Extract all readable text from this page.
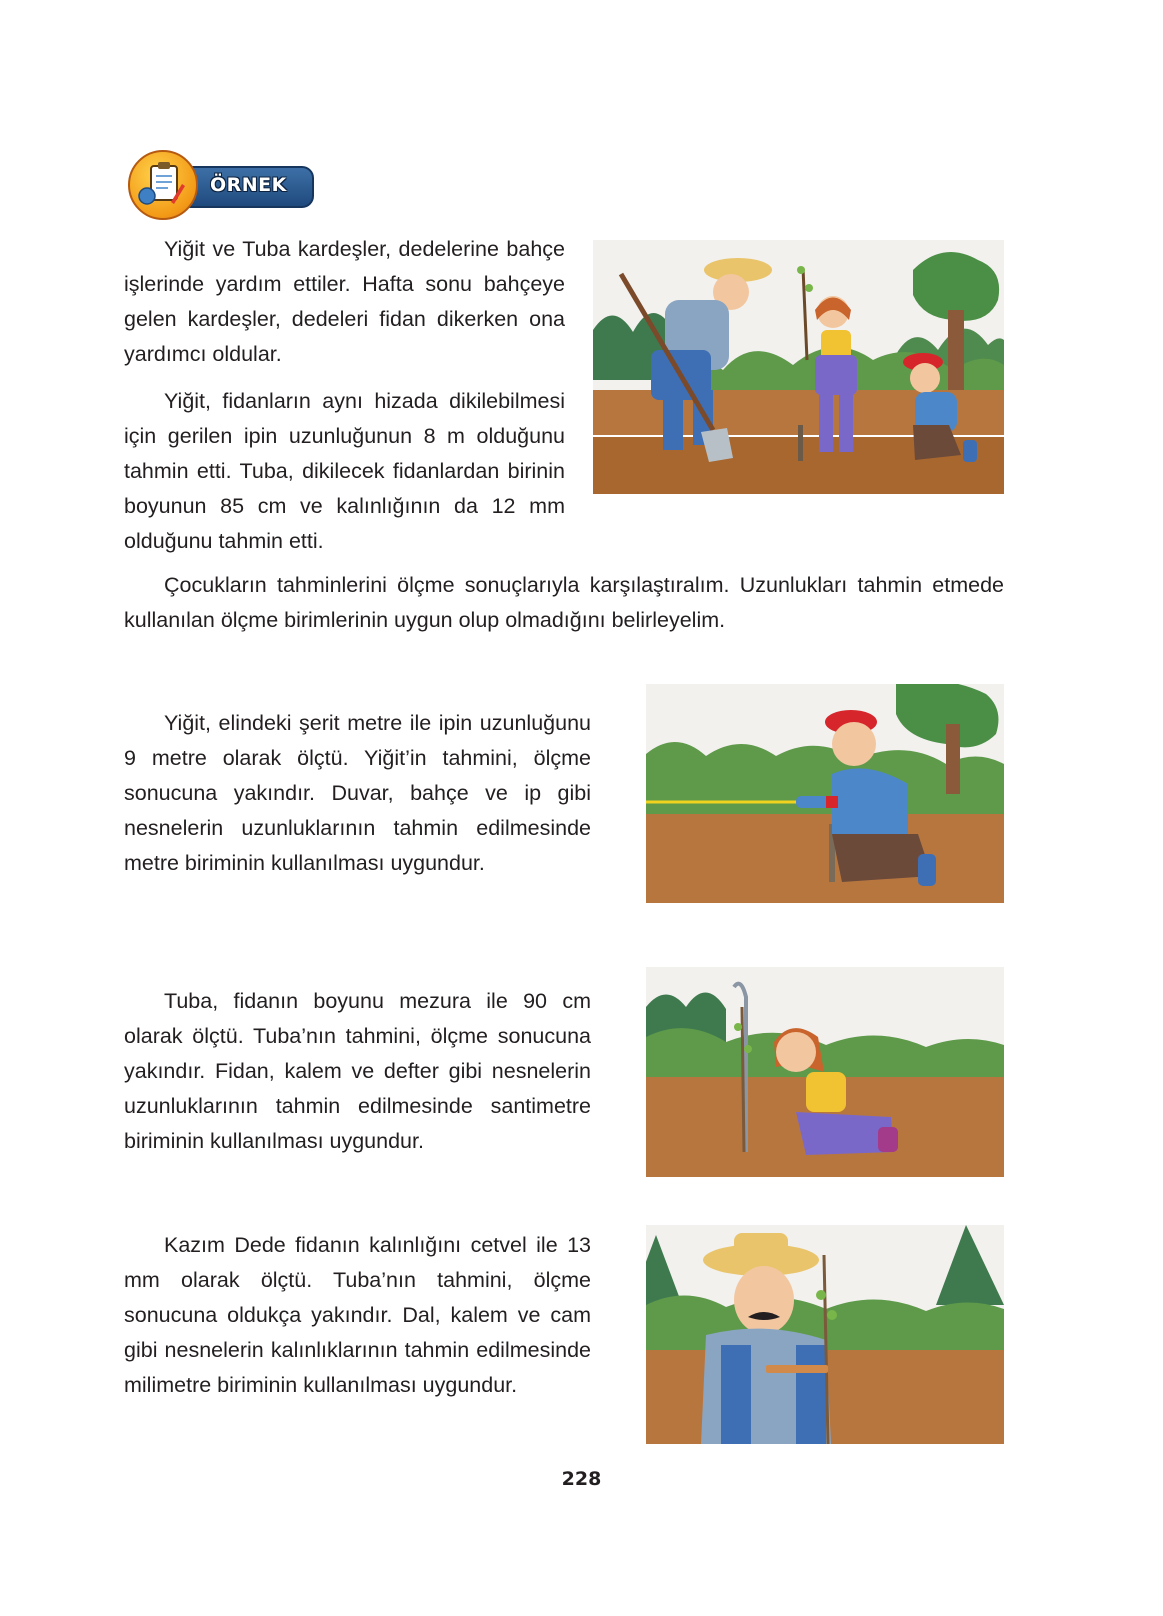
ÖRNEK

Yiğit ve Tuba kardeşler, dedelerine bahçe işlerinde yardım ettiler. Hafta sonu bahçeye gelen kardeşler, dedeleri fidan dikerken ona yardımcı oldular.

Yiğit, fidanların aynı hizada dikilebilmesi için gerilen ipin uzunluğunun 8 m olduğunu tahmin etti. Tuba, dikilecek fidanlardan birinin boyunun 85 cm ve kalınlığının da 12 mm olduğunu tahmin etti.

Çocukların tahminlerini ölçme sonuçlarıyla karşılaştıralım. Uzunlukları tahmin etmede kullanılan ölçme birimlerinin uygun olup olmadığını belirleyelim.

Yiğit, elindeki şerit metre ile ipin uzunluğunu 9 metre olarak ölçtü. Yiğit’in tahmini, ölçme sonucuna yakındır. Duvar, bahçe ve ip gibi nesnelerin uzunluklarının tahmin edilmesinde metre biriminin kullanılması uygundur.

Tuba, fidanın boyunu mezura ile 90 cm olarak ölçtü. Tuba’nın tahmini, ölçme sonucuna yakındır. Fidan, kalem ve defter gibi nesnelerin uzunluklarının tahmin edilmesinde santimetre biriminin kullanılması uygundur.

Kazım Dede fidanın kalınlığını cetvel ile 13 mm olarak ölçtü. Tuba’nın tahmini, ölçme sonucuna oldukça yakındır. Dal, kalem ve cam gibi nesnelerin kalınlıklarının tahmin edilmesinde milimetre biriminin kullanılması uygundur.

228
